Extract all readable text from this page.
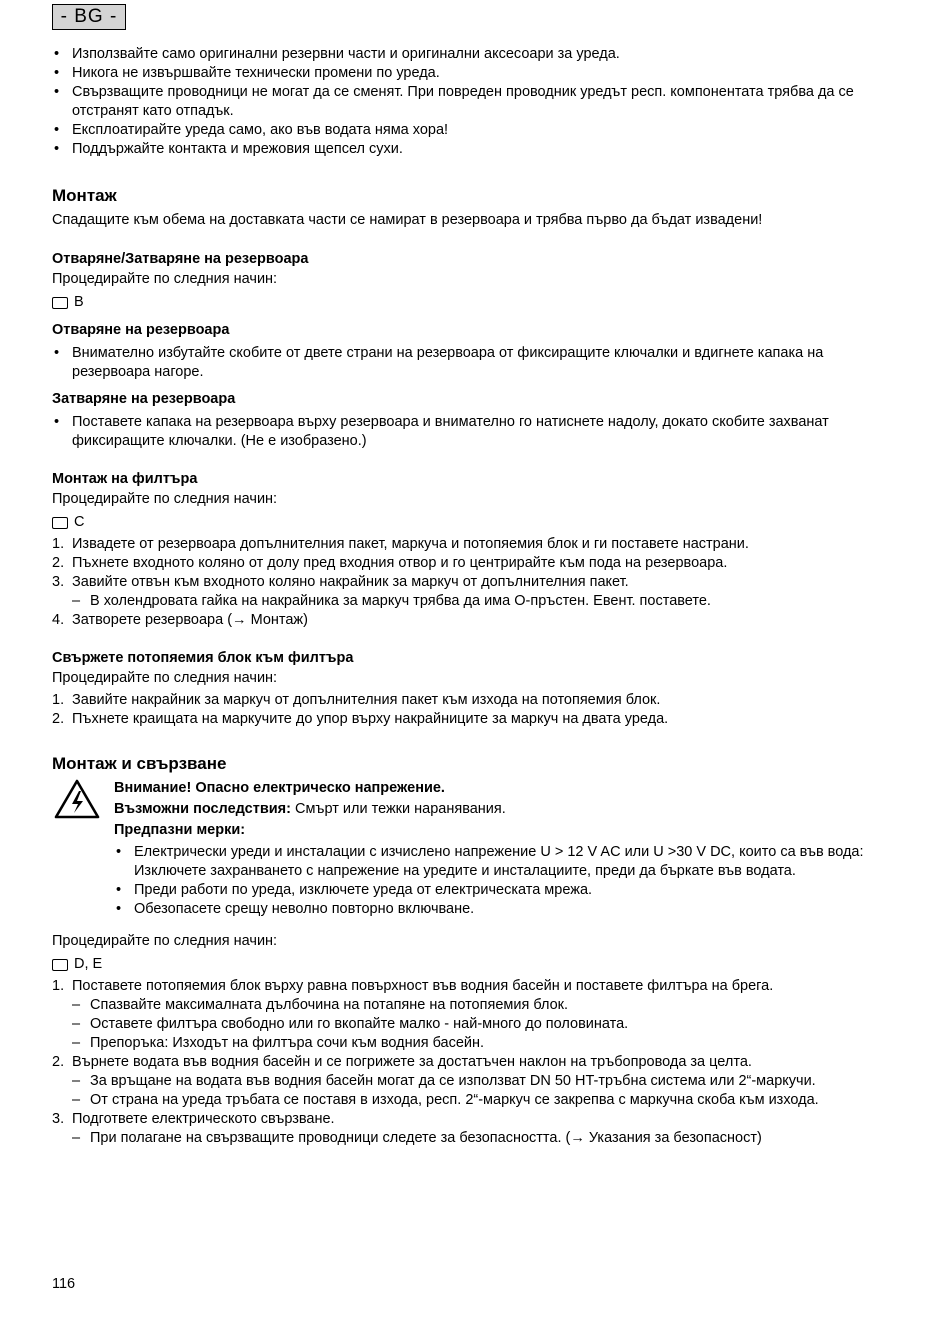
- BG -
• Използвайте само оригинални резервни части и оригинални аксесоари за уреда.
• Никога не извършвайте технически промени по уреда.
• Свързващите проводници не могат да се сменят. При повреден проводник уредът респ. компонентата трябва да се отстранят като отпадък.
• Експлоатирайте уреда само, ако във водата няма хора!
• Поддържайте контакта и мрежовия щепсел сухи.
Монтаж
Спадащите към обема на доставката части се намират в резервоара и трябва първо да бъдат извадени!
Отваряне/Затваряне на резервоара
Процедирайте по следния начин:
B
Отваряне на резервоара
• Внимателно избутайте скобите от двете страни на резервоара от фиксиращите ключалки и вдигнете капака на резервоара нагоре.
Затваряне на резервоара
• Поставете капака на резервоара върху резервоара и внимателно го натиснете надолу, докато скобите захванат фиксиращите ключалки. (Не е изобразено.)
Монтаж на филтъра
Процедирайте по следния начин:
C
1. Извадете от резервоара допълнителния пакет, маркуча и потопяемия блок и ги поставете настрани.
2. Пъхнете входното коляно от долу пред входния отвор и го центрирайте към пода на резервоара.
3. Завийте отвън към входното коляно накрайник за маркуч от допълнителния пакет.
– В холендровата гайка на накрайника за маркуч трябва да има О-пръстен. Евент. поставете.
4. Затворете резервоара (→ Монтаж)
Свържете потопяемия блок към филтъра
Процедирайте по следния начин:
1. Завийте накрайник за маркуч от допълнителния пакет към изхода на потопяемия блок.
2. Пъхнете краищата на маркучите до упор върху накрайниците за маркуч на двата уреда.
Монтаж и свързване
Внимание! Опасно електрическо напрежение.
Възможни последствия: Смърт или тежки наранявания.
Предпазни мерки:
• Електрически уреди и инсталации с изчислено напрежение U > 12 V AC или U >30 V DC, които са във вода: Изключете захранването с напрежение на уредите и инсталациите, преди да бъркате във водата.
• Преди работи по уреда, изключете уреда от електрическата мрежа.
• Обезопасете срещу неволно повторно включване.
Процедирайте по следния начин:
D, E
1. Поставете потопяемия блок върху равна повърхност във водния басейн и поставете филтъра на брега.
– Спазвайте максималната дълбочина на потапяне на потопяемия блок.
– Оставете филтъра свободно или го вкопайте малко - най-много до половината.
– Препоръка: Изходът на филтъра сочи към водния басейн.
2. Върнете водата във водния басейн и се погрижете за достатъчен наклон на тръбопровода за целта.
– За връщане на водата във водния басейн могат да се използват DN 50 HT-тръбна система или 2“-маркучи.
– От страна на уреда тръбата се поставя в изхода, респ. 2“-маркуч се закрепва с маркучна скоба към изхода.
3. Подгответе електрическото свързване.
– При полагане на свързващите проводници следете за безопасността. (→ Указания за безопасност)
116
